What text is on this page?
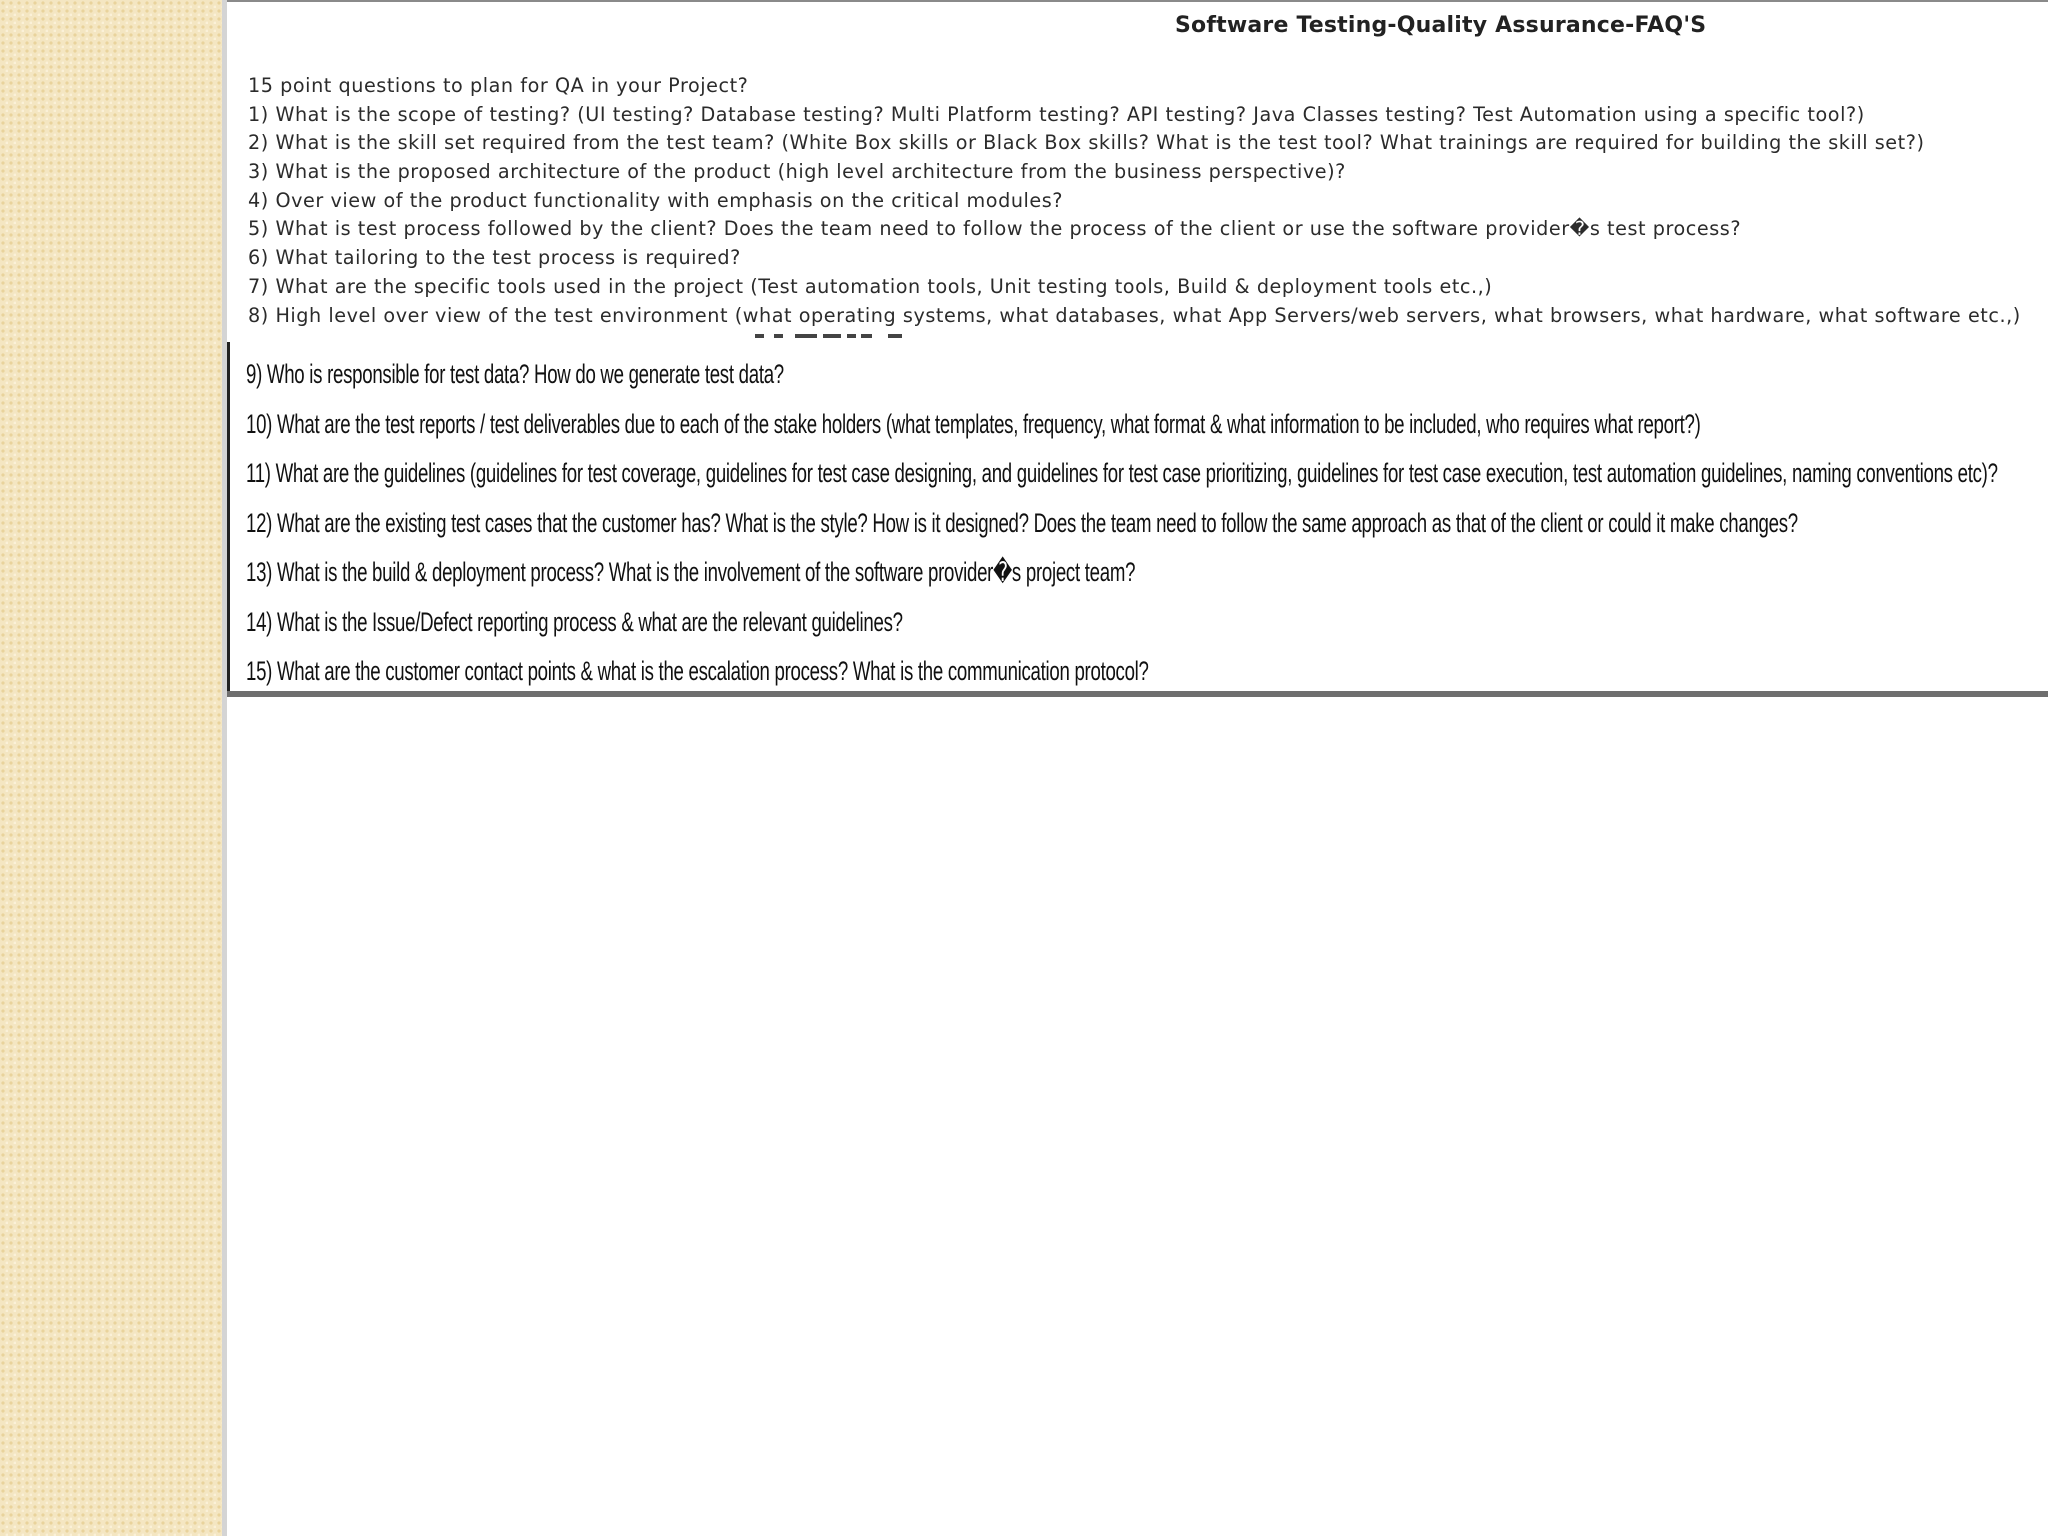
Software Testing-Quality Assurance-FAQ'S
15 point questions to plan for QA in your Project?
1) What is the scope of testing? (UI testing? Database testing? Multi Platform testing? API testing? Java Classes testing? Test Automation using a specific tool?)
2) What is the skill set required from the test team? (White Box skills or Black Box skills? What is the test tool? What trainings are required for building the skill set?)
3) What is the proposed architecture of the product (high level architecture from the business perspective)?
4) Over view of the product functionality with emphasis on the critical modules?
5) What is test process followed by the client? Does the team need to follow the process of the client or use the software provider�s test process?
6) What tailoring to the test process is required?
7) What are the specific tools used in the project (Test automation tools, Unit testing tools, Build & deployment tools etc.,)
8) High level over view of the test environment (what operating systems, what databases, what App Servers/web servers, what browsers, what hardware, what software etc.,)
9) Who is responsible for test data? How do we generate test data?
10) What are the test reports / test deliverables due to each of the stake holders (what templates, frequency, what format & what information to be included, who requires what report?)
11) What are the guidelines (guidelines for test coverage, guidelines for test case designing, and guidelines for test case prioritizing, guidelines for test case execution, test automation guidelines, naming conventions etc)?
12) What are the existing test cases that the customer has? What is the style? How is it designed? Does the team need to follow the same approach as that of the client or could it make changes?
13) What is the build & deployment process? What is the involvement of the software provider�s project team?
14) What is the Issue/Defect reporting process & what are the relevant guidelines?
15) What are the customer contact points & what is the escalation process? What is the communication protocol?
